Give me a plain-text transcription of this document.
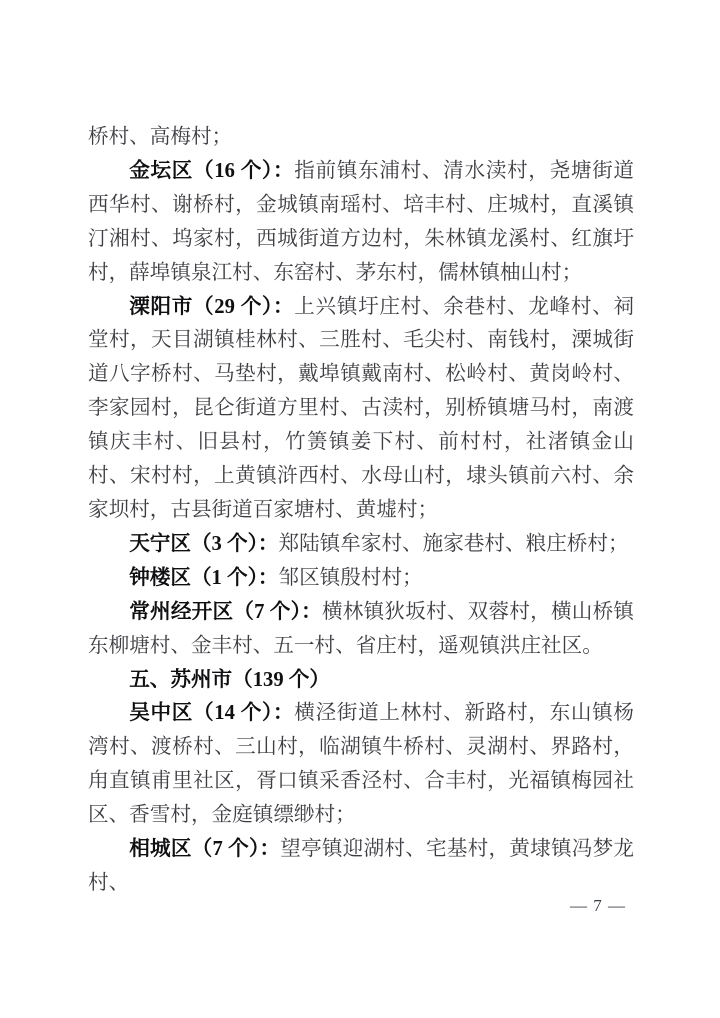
桥村、高梅村；

金坛区（16 个）：指前镇东浦村、清水渎村，尧塘街道西华村、谢桥村，金城镇南瑶村、培丰村、庄城村，直溪镇汀湘村、坞家村，西城街道方边村，朱林镇龙溪村、红旗圩村，薛埠镇泉江村、东窑村、茅东村，儒林镇柚山村；

溧阳市（29 个）：上兴镇圩庄村、余巷村、龙峰村、祠堂村，天目湖镇桂林村、三胜村、毛尖村、南钱村，溧城街道八字桥村、马垫村，戴埠镇戴南村、松岭村、黄岗岭村、李家园村，昆仑街道方里村、古渎村，别桥镇塘马村，南渡镇庆丰村、旧县村，竹箦镇姜下村、前村村，社渚镇金山村、宋村村，上黄镇浒西村、水母山村，埭头镇前六村、余家坝村，古县街道百家塘村、黄墟村；

天宁区（3 个）：郑陆镇牟家村、施家巷村、粮庄桥村；

钟楼区（1 个）：邹区镇殷村村；

常州经开区（7 个）：横林镇狄坂村、双蓉村，横山桥镇东柳塘村、金丰村、五一村、省庄村，遥观镇洪庄社区。

五、苏州市（139 个）

吴中区（14 个）：横泾街道上林村、新路村，东山镇杨湾村、渡桥村、三山村，临湖镇牛桥村、灵湖村、界路村，甪直镇甫里社区，胥口镇采香泾村、合丰村，光福镇梅园社区、香雪村，金庭镇缥缈村；

相城区（7 个）：望亭镇迎湖村、宅基村，黄埭镇冯梦龙村、

— 7 —
